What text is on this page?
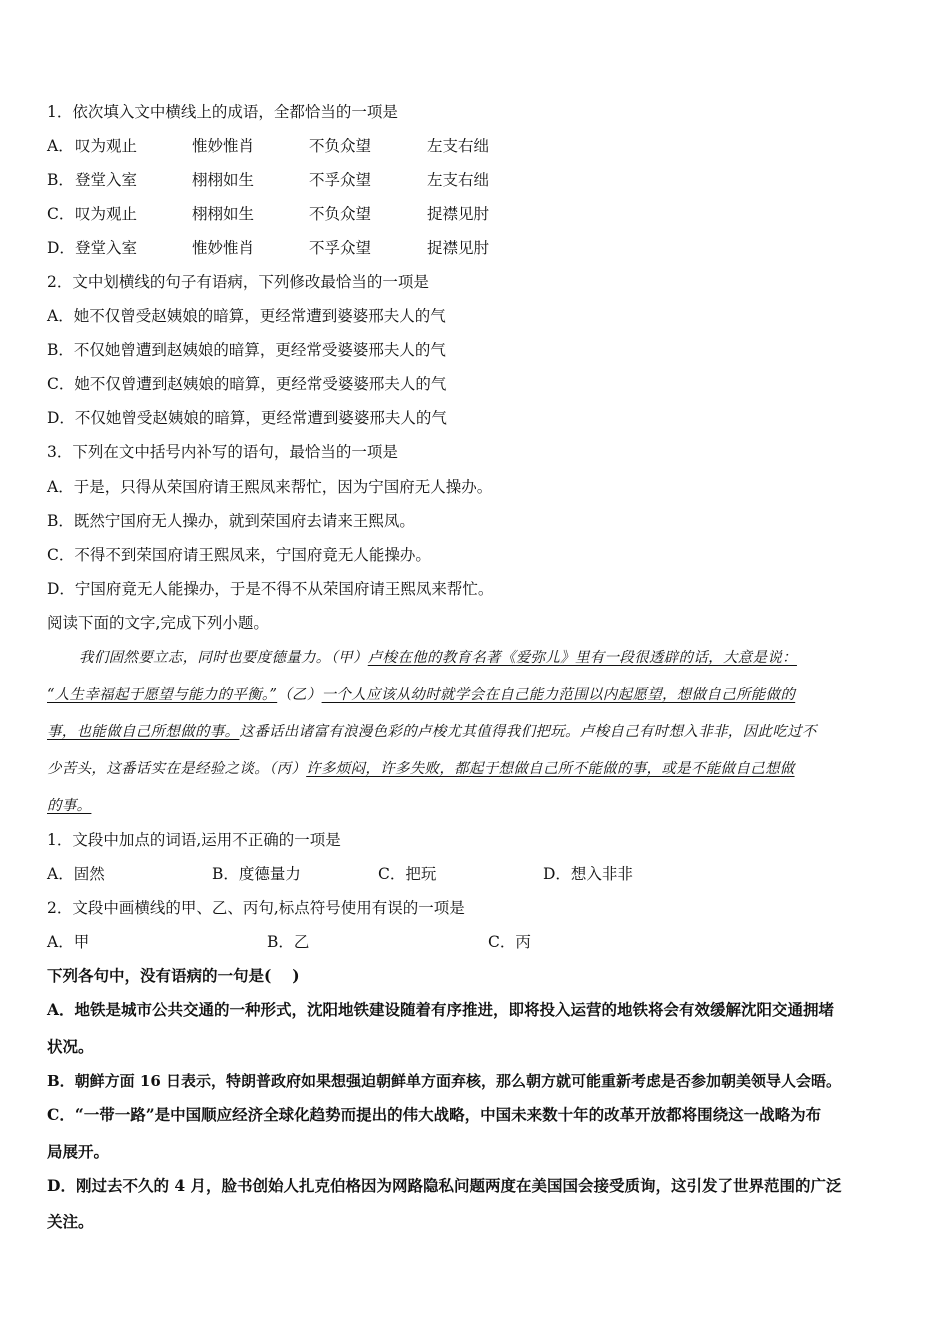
1．依次填入文中横线上的成语，全都恰当的一项是
A． 叹为观止	惟妙惟肖	不负众望	左支右绌
B． 登堂入室	栩栩如生	不孚众望	左支右绌
C． 叹为观止	栩栩如生	不负众望	捉襟见肘
D． 登堂入室	惟妙惟肖	不孚众望	捉襟见肘
2．文中划横线的句子有语病，下列修改最恰当的一项是
A．她不仅曾受赵姨娘的暗算，更经常遭到婆婆邢夫人的气
B．不仅她曾遭到赵姨娘的暗算，更经常受婆婆邢夫人的气
C．她不仅曾遭到赵姨娘的暗算，更经常受婆婆邢夫人的气
D．不仅她曾受赵姨娘的暗算，更经常遭到婆婆邢夫人的气
3．下列在文中括号内补写的语句，最恰当的一项是
A．于是，只得从荣国府请王熙凤来帮忙，因为宁国府无人操办。
B．既然宁国府无人操办，就到荣国府去请来王熙凤。
C．不得不到荣国府请王熙凤来，宁国府竟无人能操办。
D．宁国府竟无人能操办，于是不得不从荣国府请王熙凤来帮忙。
阅读下面的文字,完成下列小题。
我们固然要立志，同时也要度德量力。（甲）卢梭在他的教育名著《爱弥儿》里有一段很透辟的话，大意是说：
“人生幸福起于愿望与能力的平衡。”（乙）一个人应该从幼时就学会在自己能力范围以内起愿望，想做自己所能做的
事，也能做自己所想做的事。这番话出诸富有浪漫色彩的卢梭尤其值得我们把玩。卢梭自己有时想入非非，因此吃过不
少苦头，这番话实在是经验之谈。（丙）许多烦闷，许多失败，都起于想做自己所不能做的事，或是不能做自己想做
的事。
1．文段中加点的词语,运用不正确的一项是
A．固然	B．度德量力	C．把玩	D．想入非非
2．文段中画横线的甲、乙、丙句,标点符号使用有误的一项是
A．甲	B．乙	C．丙
下列各句中，没有语病的一句是(　 )
A．地铁是城市公共交通的一种形式，沈阳地铁建设随着有序推进，即将投入运营的地铁将会有效缓解沈阳交通拥堵
状况。
B．朝鲜方面 16 日表示，特朗普政府如果想强迫朝鲜单方面弃核，那么朝方就可能重新考虑是否参加朝美领导人会晤。
C．“一带一路”是中国顺应经济全球化趋势而提出的伟大战略，中国未来数十年的改革开放都将围绕这一战略为布
局展开。
D．刚过去不久的 4 月，脸书创始人扎克伯格因为网路隐私问题两度在美国国会接受质询，这引发了世界范围的广泛
关注。
